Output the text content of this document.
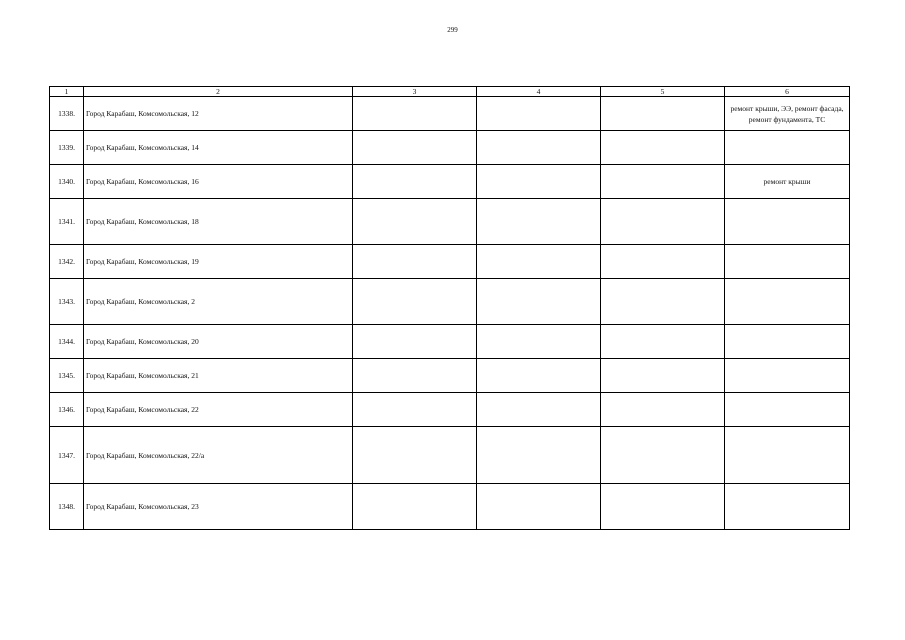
299
1	2	3	4	5	6
1338.	Город Карабаш, Комсомольская, 12				ремонт крыши, ЭЭ, ремонт фасада, ремонт фундамента, ТС
1339.	Город Карабаш, Комсомольская, 14				
1340.	Город Карабаш, Комсомольская, 16				ремонт крыши
1341.	Город Карабаш, Комсомольская, 18				
1342.	Город Карабаш, Комсомольская, 19				
1343.	Город Карабаш, Комсомольская, 2				
1344.	Город Карабаш, Комсомольская, 20				
1345.	Город Карабаш, Комсомольская, 21				
1346.	Город Карабаш, Комсомольская, 22				
1347.	Город Карабаш, Комсомольская, 22/а				
1348.	Город Карабаш, Комсомольская, 23				
